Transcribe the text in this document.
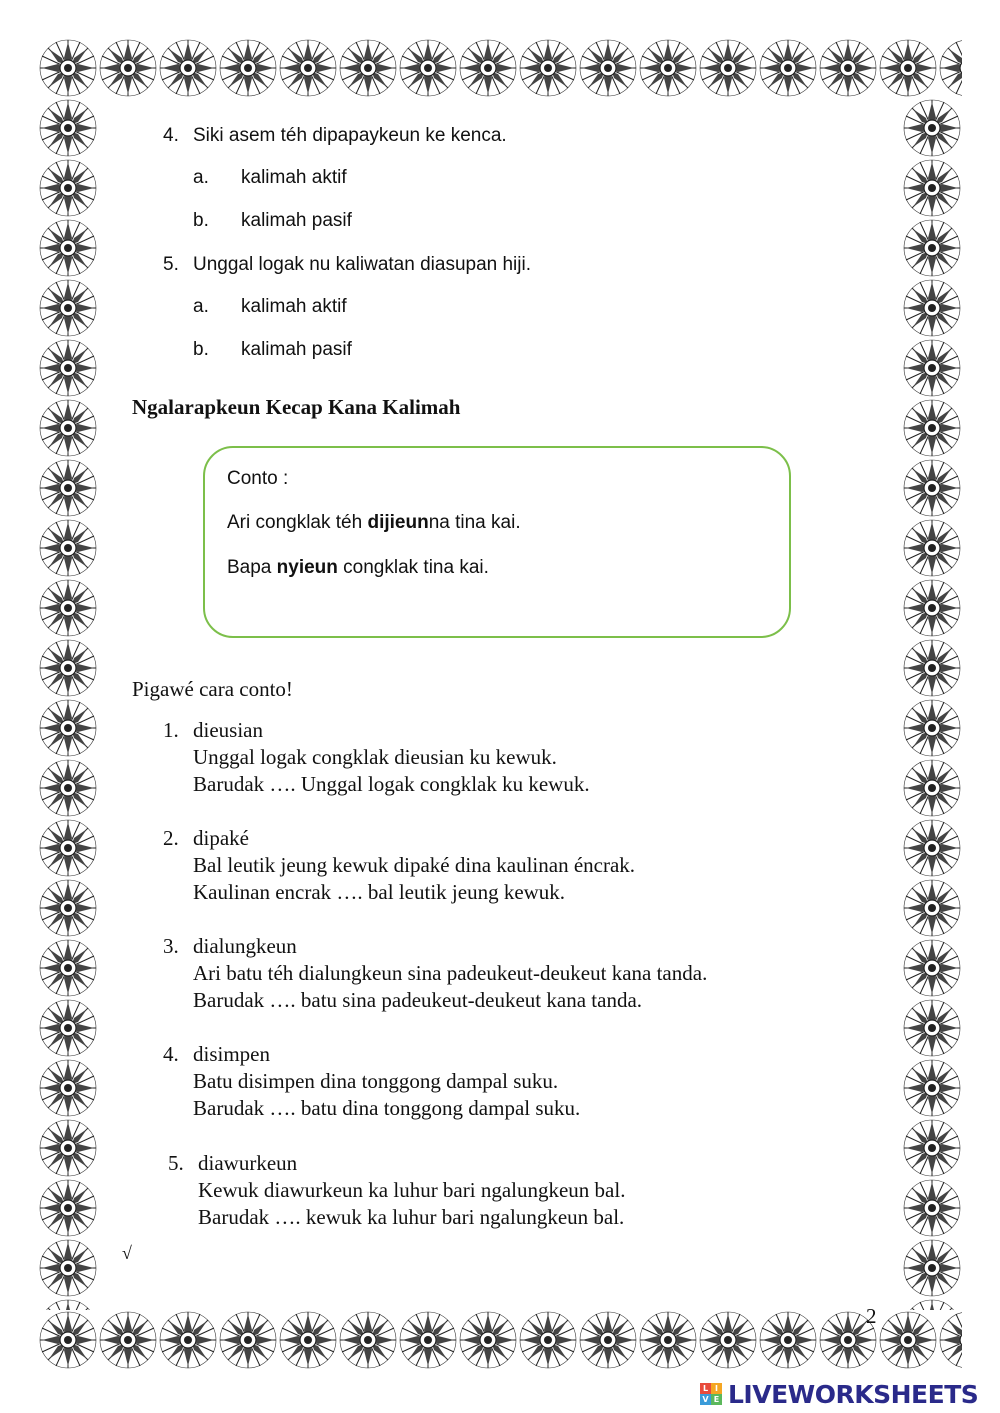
4. Siki asem téh dipapaykeun ke kenca.
a. kalimah aktif
b. kalimah pasif
5. Unggal logak nu kaliwatan diasupan hiji.
a. kalimah aktif
b. kalimah pasif
Ngalarapkeun Kecap Kana Kalimah
Conto :
Ari congklak téh dijieunna tina kai.
Bapa nyieun congklak tina kai.
Pigawé cara conto!
1. dieusian
Unggal logak congklak dieusian ku kewuk.
Barudak …. Unggal logak congklak ku kewuk.
2. dipaké
Bal leutik jeung kewuk dipaké dina kaulinan éncrak.
Kaulinan encrak …. bal leutik jeung kewuk.
3. dialungkeun
Ari batu téh dialungkeun sina padeukeut-deukeut kana tanda.
Barudak …. batu sina padeukeut-deukeut kana tanda.
4. disimpen
Batu disimpen dina tonggong dampal suku.
Barudak …. batu dina tonggong dampal suku.
5. diawurkeun
Kewuk diawurkeun ka luhur bari ngalungkeun bal.
Barudak …. kewuk ka luhur bari ngalungkeun bal.
√
2
L I
V E LIVEWORKSHEETS
